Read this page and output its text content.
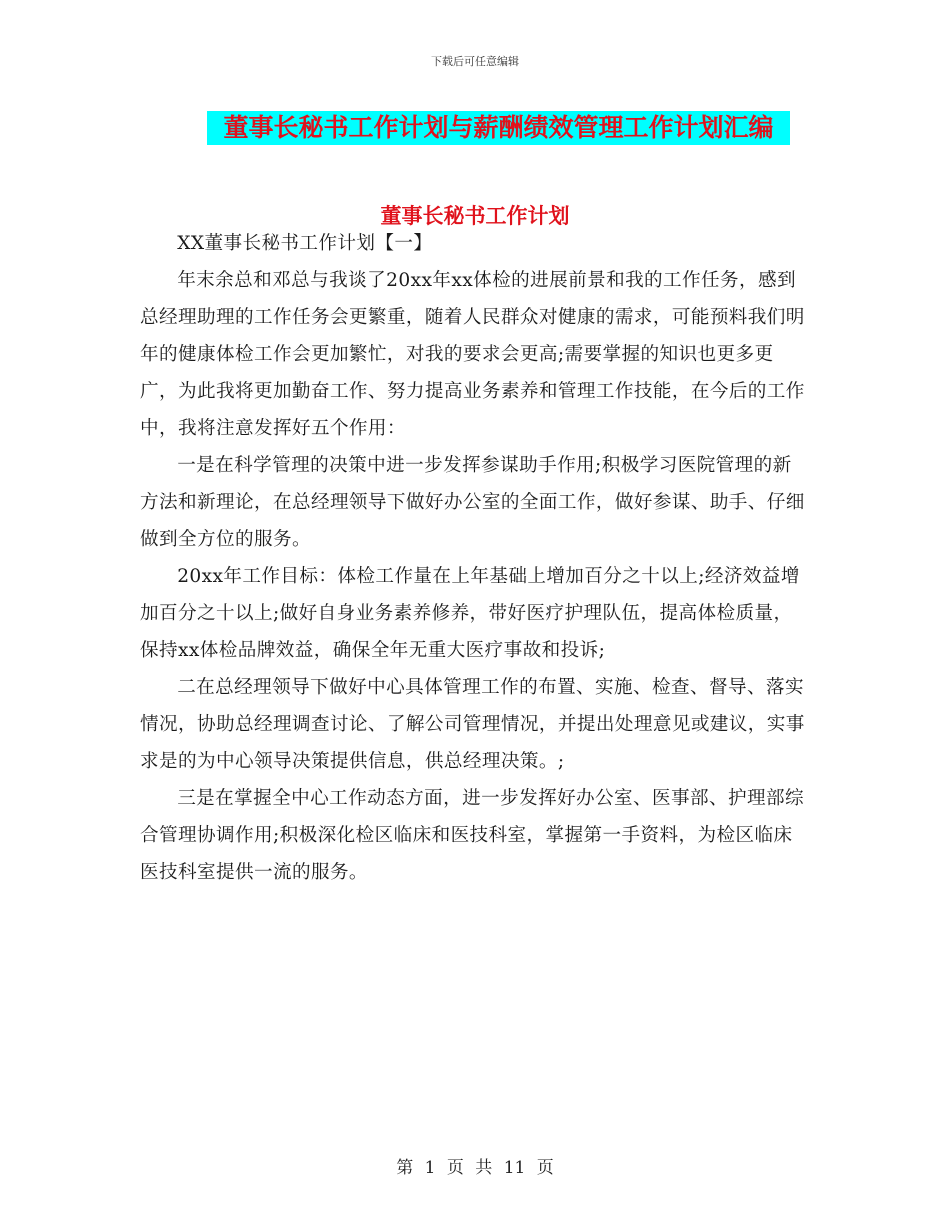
下载后可任意编辑
董事长秘书工作计划与薪酬绩效管理工作计划汇编
董事长秘书工作计划

XX董事长秘书工作计划【一】

年末余总和邓总与我谈了20xx年xx体检的进展前景和我的工作任务，感到总经理助理的工作任务会更繁重，随着人民群众对健康的需求，可能预料我们明年的健康体检工作会更加繁忙，对我的要求会更高;需要掌握的知识也更多更广，为此我将更加勤奋工作、努力提高业务素养和管理工作技能，在今后的工作中，我将注意发挥好五个作用：

一是在科学管理的决策中进一步发挥参谋助手作用;积极学习医院管理的新方法和新理论，在总经理领导下做好办公室的全面工作，做好参谋、助手、仔细做到全方位的服务。

20xx年工作目标：体检工作量在上年基础上增加百分之十以上;经济效益增加百分之十以上;做好自身业务素养修养，带好医疗护理队伍，提高体检质量，保持xx体检品牌效益，确保全年无重大医疗事故和投诉;

二在总经理领导下做好中心具体管理工作的布置、实施、检查、督导、落实情况，协助总经理调查讨论、了解公司管理情况，并提出处理意见或建议，实事求是的为中心领导决策提供信息，供总经理决策。;

三是在掌握全中心工作动态方面，进一步发挥好办公室、医事部、护理部综合管理协调作用;积极深化检区临床和医技科室，掌握第一手资料，为检区临床医技科室提供一流的服务。

第 1 页 共 11 页
